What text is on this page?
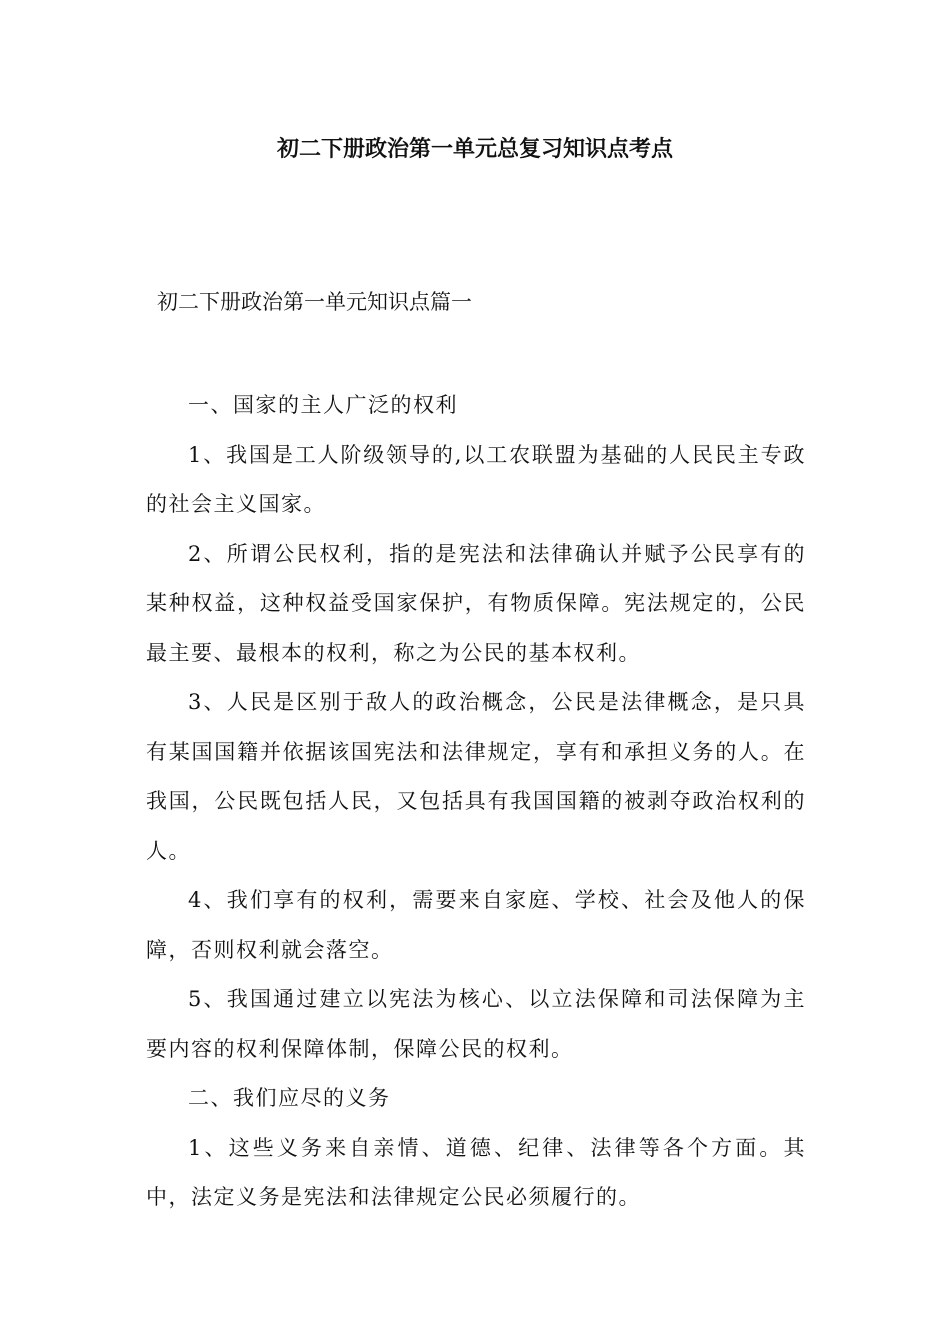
初二下册政治第一单元总复习知识点考点
初二下册政治第一单元知识点篇一

一、国家的主人广泛的权利

1、我国是工人阶级领导的,以工农联盟为基础的人民民主专政的社会主义国家。

2、所谓公民权利，指的是宪法和法律确认并赋予公民享有的某种权益，这种权益受国家保护，有物质保障。宪法规定的，公民最主要、最根本的权利，称之为公民的基本权利。

3、人民是区别于敌人的政治概念，公民是法律概念，是只具有某国国籍并依据该国宪法和法律规定，享有和承担义务的人。在我国，公民既包括人民，又包括具有我国国籍的被剥夺政治权利的人。

4、我们享有的权利，需要来自家庭、学校、社会及他人的保障，否则权利就会落空。

5、我国通过建立以宪法为核心、以立法保障和司法保障为主要内容的权利保障体制，保障公民的权利。

二、我们应尽的义务

1、这些义务来自亲情、道德、纪律、法律等各个方面。其中，法定义务是宪法和法律规定公民必须履行的。
